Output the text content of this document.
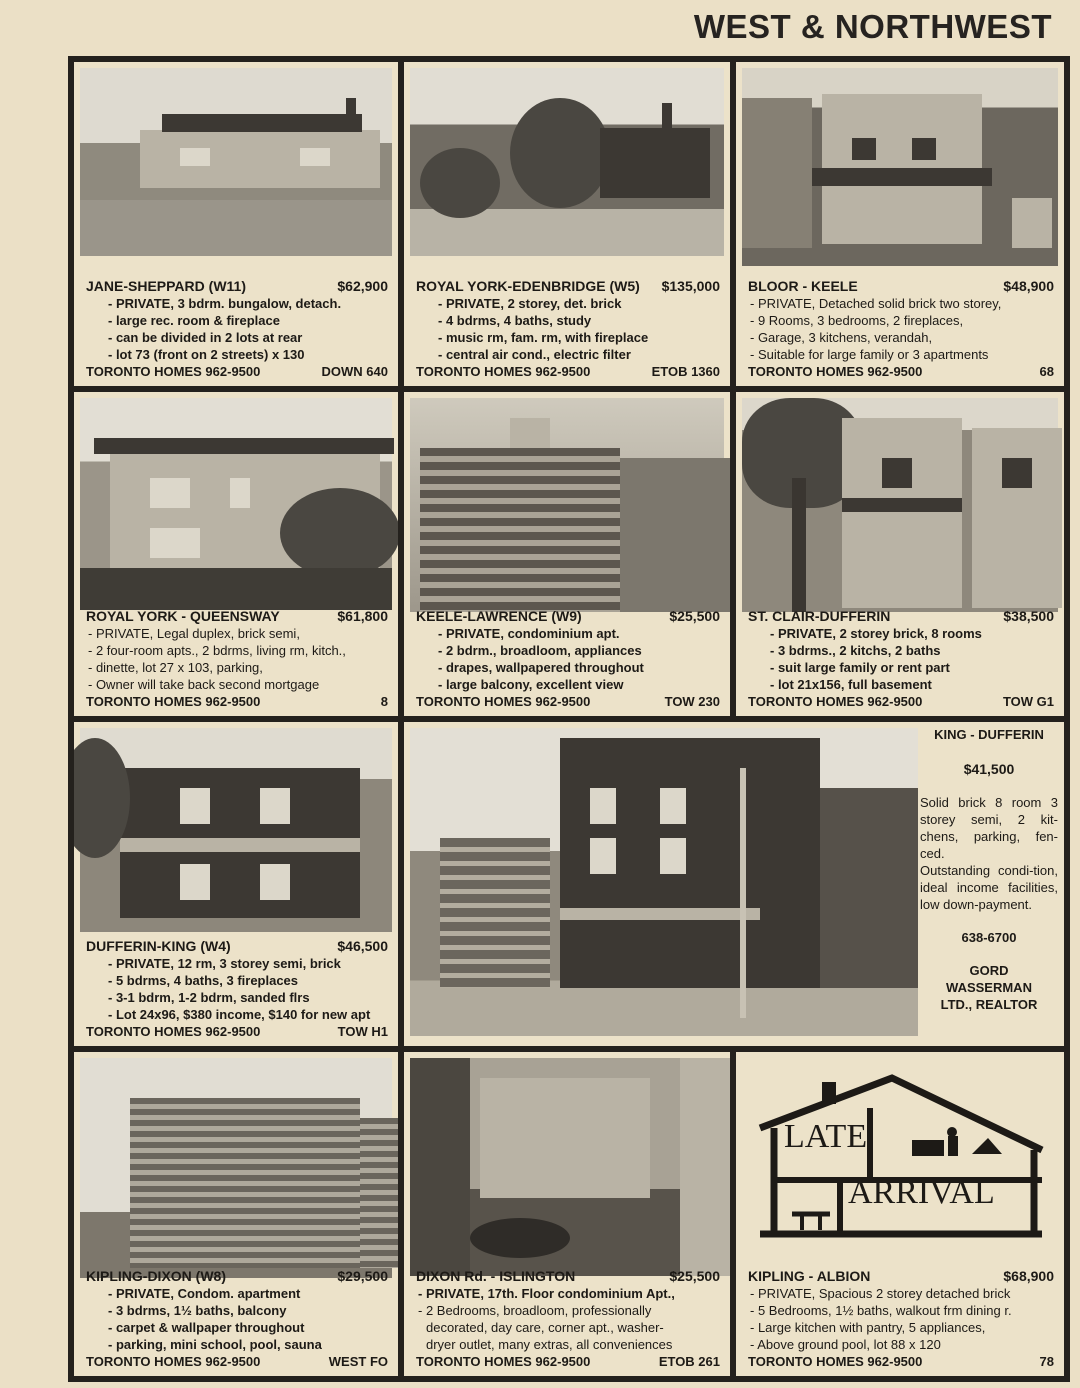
WEST & NORTHWEST
JANE-SHEPPARD (W11)	$62,900
- PRIVATE, 3 bdrm. bungalow, detach.
- large rec. room & fireplace
- can be divided in 2 lots at rear
- lot 73 (front on 2 streets) x 130
TORONTO HOMES 962-9500	DOWN 640
ROYAL YORK-EDENBRIDGE (W5) $135,000
- PRIVATE, 2 storey, det. brick
- 4 bdrms, 4 baths, study
- music rm, fam. rm, with fireplace
- central air cond., electric filter
TORONTO HOMES 962-9500	ETOB 1360
BLOOR - KEELE	$48,900
- PRIVATE, Detached solid brick two storey,
- 9 Rooms, 3 bedrooms, 2 fireplaces,
- Garage, 3 kitchens, verandah,
- Suitable for large family or 3 apartments
TORONTO HOMES 962-9500	68
ROYAL YORK - QUEENSWAY	$61,800
- PRIVATE, Legal duplex, brick semi,
- 2 four-room apts., 2 bdrms, living rm, kitch.,
- dinette, lot 27 x 103, parking,
- Owner will take back second mortgage
TORONTO HOMES 962-9500	8
KEELE-LAWRENCE (W9)	$25,500
- PRIVATE, condominium apt.
- 2 bdrm., broadloom, appliances
- drapes, wallpapered throughout
- large balcony, excellent view
TORONTO HOMES 962-9500	TOW 230
ST. CLAIR-DUFFERIN	$38,500
- PRIVATE, 2 storey brick, 8 rooms
- 3 bdrms., 2 kitchs, 2 baths
- suit large family or rent part
- lot 21x156, full basement
TORONTO HOMES 962-9500	TOW G1
DUFFERIN-KING (W4)	$46,500
- PRIVATE, 12 rm, 3 storey semi, brick
- 5 bdrms, 4 baths, 3 fireplaces
- 3-1 bdrm, 1-2 bdrm, sanded flrs
- Lot 24x96, $380 income, $140 for new apt
TORONTO HOMES 962-9500	TOW H1
KING - DUFFERIN
$41,500
Solid brick 8 room 3 storey semi, 2 kit-chens, parking, fen-ced.
Outstanding condi-tion, ideal income facilities, low down-payment.
638-6700
GORD
WASSERMAN
LTD., REALTOR
KIPLING-DIXON (W8)	$29,500
- PRIVATE, Condom. apartment
- 3 bdrms, 1½ baths, balcony
- carpet & wallpaper throughout
- parking, mini school, pool, sauna
TORONTO HOMES 962-9500	WEST FO
DIXON Rd. - ISLINGTON	$25,500
- PRIVATE, 17th. Floor condominium Apt.,
- 2 Bedrooms, broadloom, professionally
decorated, day care, corner apt., washer-
dryer outlet, many extras, all conveniences
TORONTO HOMES 962-9500	ETOB 261
LATE
ARRIVAL
KIPLING - ALBION	$68,900
- PRIVATE, Spacious 2 storey detached brick
- 5 Bedrooms, 1½ baths, walkout frm dining r.
- Large kitchen with pantry, 5 appliances,
- Above ground pool, lot 88 x 120
TORONTO HOMES 962-9500	78
